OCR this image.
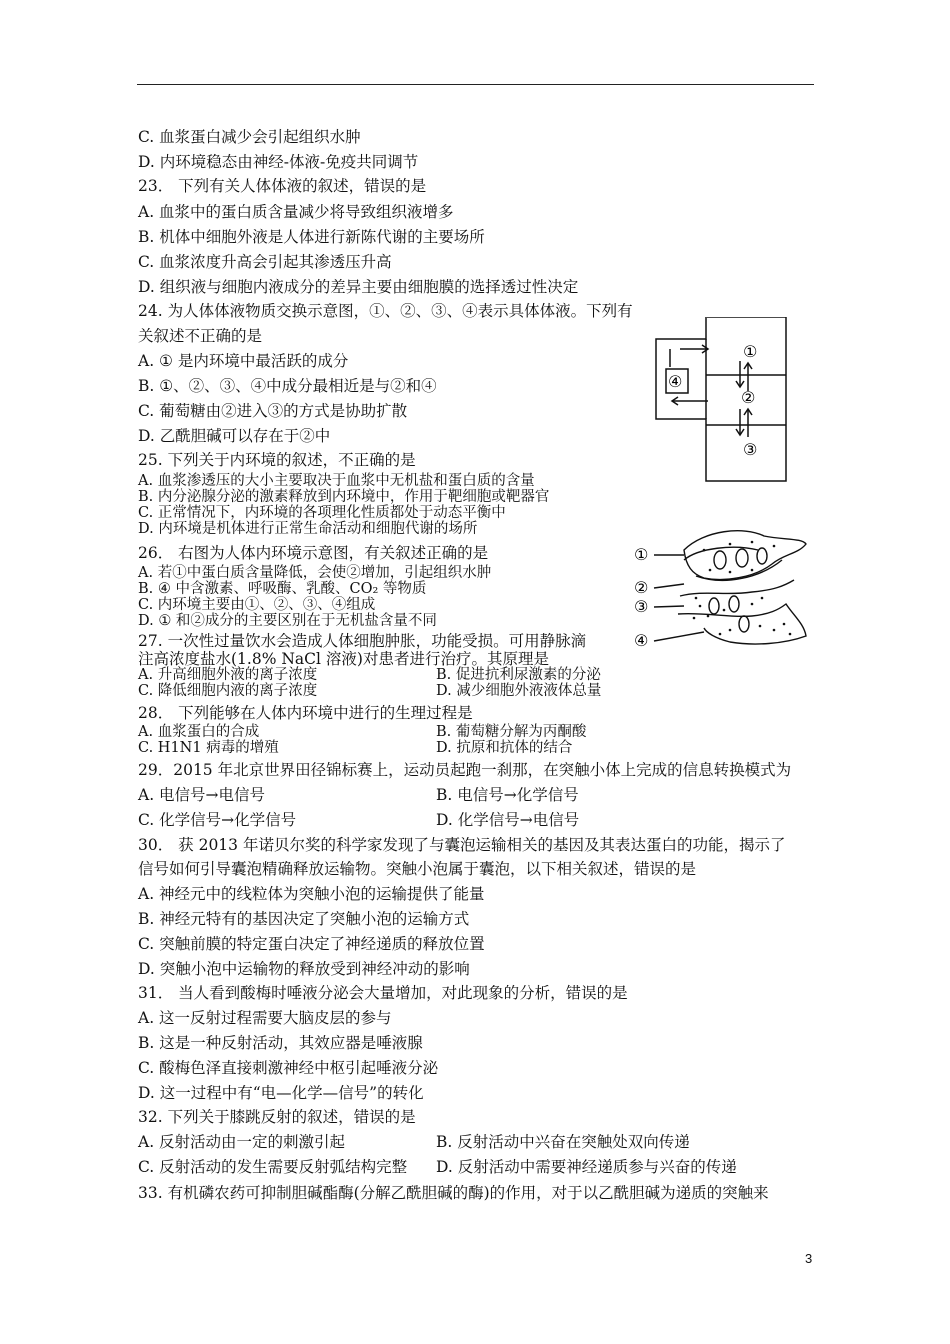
C. 血浆蛋白减少会引起组织水肿
D. 内环境稳态由神经-体液-免疫共同调节
23． 下列有关人体体液的叙述，错误的是
A. 血浆中的蛋白质含量减少将导致组织液增多
B. 机体中细胞外液是人体进行新陈代谢的主要场所
C. 血浆浓度升高会引起其渗透压升高
D. 组织液与细胞内液成分的差异主要由细胞膜的选择透过性决定
24. 为人体体液物质交换示意图，①、②、③、④表示具体体液。下列有
关叙述不正确的是
A. ① 是内环境中最活跃的成分
B. ①、②、③、④中成分最相近是与②和④
C. 葡萄糖由②进入③的方式是协助扩散
D. 乙酰胆碱可以存在于②中
25. 下列关于内环境的叙述，不正确的是
A. 血浆渗透压的大小主要取决于血浆中无机盐和蛋白质的含量
B. 内分泌腺分泌的激素释放到内环境中，作用于靶细胞或靶器官
C. 正常情况下，内环境的各项理化性质都处于动态平衡中
D. 内环境是机体进行正常生命活动和细胞代谢的场所
26． 右图为人体内环境示意图，有关叙述正确的是
A. 若①中蛋白质含量降低，会使②增加，引起组织水肿
B. ④ 中含激素、呼吸酶、乳酸、CO₂ 等物质
C. 内环境主要由①、②、③、④组成
D. ① 和②成分的主要区别在于无机盐含量不同
27. 一次性过量饮水会造成人体细胞肿胀，功能受损。可用静脉滴
注高浓度盐水(1.8% NaCl 溶液)对患者进行治疗。其原理是
28． 下列能够在人体内环境中进行的生理过程是
29．2015 年北京世界田径锦标赛上，运动员起跑一刹那，在突触小体上完成的信息转换模式为
30． 获 2013 年诺贝尔奖的科学家发现了与囊泡运输相关的基因及其表达蛋白的功能，揭示了
信号如何引导囊泡精确释放运输物。突触小泡属于囊泡，以下相关叙述，错误的是
A. 神经元中的线粒体为突触小泡的运输提供了能量
B. 神经元特有的基因决定了突触小泡的运输方式
C. 突触前膜的特定蛋白决定了神经递质的释放位置
D. 突触小泡中运输物的释放受到神经冲动的影响
31． 当人看到酸梅时唾液分泌会大量增加，对此现象的分析，错误的是
A. 这一反射过程需要大脑皮层的参与
B. 这是一种反射活动，其效应器是唾液腺
C. 酸梅色泽直接刺激神经中枢引起唾液分泌
D. 这一过程中有“电—化学—信号”的转化
32. 下列关于膝跳反射的叙述，错误的是
33. 有机磷农药可抑制胆碱酯酶(分解乙酰胆碱的酶)的作用，对于以乙酰胆碱为递质的突触来
A. 升高细胞外液的离子浓度	B. 促进抗利尿激素的分泌
C. 降低细胞内液的离子浓度	D. 减少细胞外液液体总量
A. 血浆蛋白的合成	B. 葡萄糖分解为丙酮酸
C. H1N1 病毒的增殖	D. 抗原和抗体的结合
A. 电信号→电信号	B. 电信号→化学信号
C. 化学信号→化学信号	D. 化学信号→电信号
A. 反射活动由一定的刺激引起	B. 反射活动中兴奋在突触处双向传递
C. 反射活动的发生需要反射弧结构完整 D. 反射活动中需要神经递质参与兴奋的传递
①
④
②
③
①
②
③
④
3
